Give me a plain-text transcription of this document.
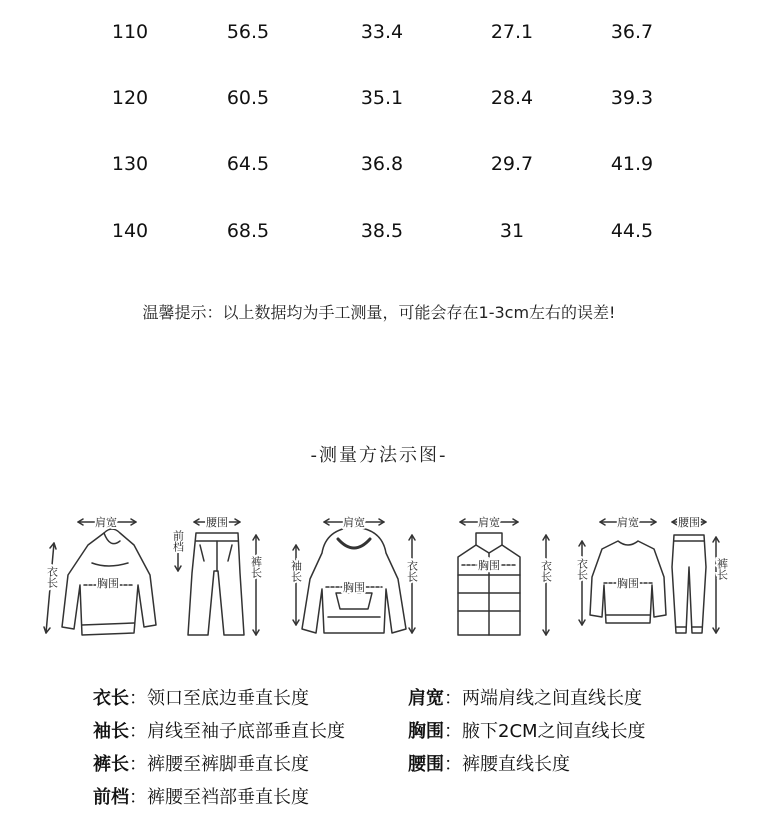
110	56.5	33.4	27.1	36.7
120	60.5	35.1	28.4	39.3
130	64.5	36.8	29.7	41.9
140	68.5	38.5	31	44.5
温馨提示：以上数据均为手工测量，可能会存在1-3cm左右的误差!
-测量方法示图-
肩宽
衣长	胸围
腰围
前档
裤长
肩宽
袖长	衣长
胸围
肩宽
衣长
胸围
肩宽
衣长
胸围
腰围
裤长
衣长：领口至底边垂直长度
袖长：肩线至袖子底部垂直长度
裤长：裤腰至裤脚垂直长度
前档：裤腰至裆部垂直长度
肩宽：两端肩线之间直线长度
胸围：腋下2CM之间直线长度
腰围：裤腰直线长度
